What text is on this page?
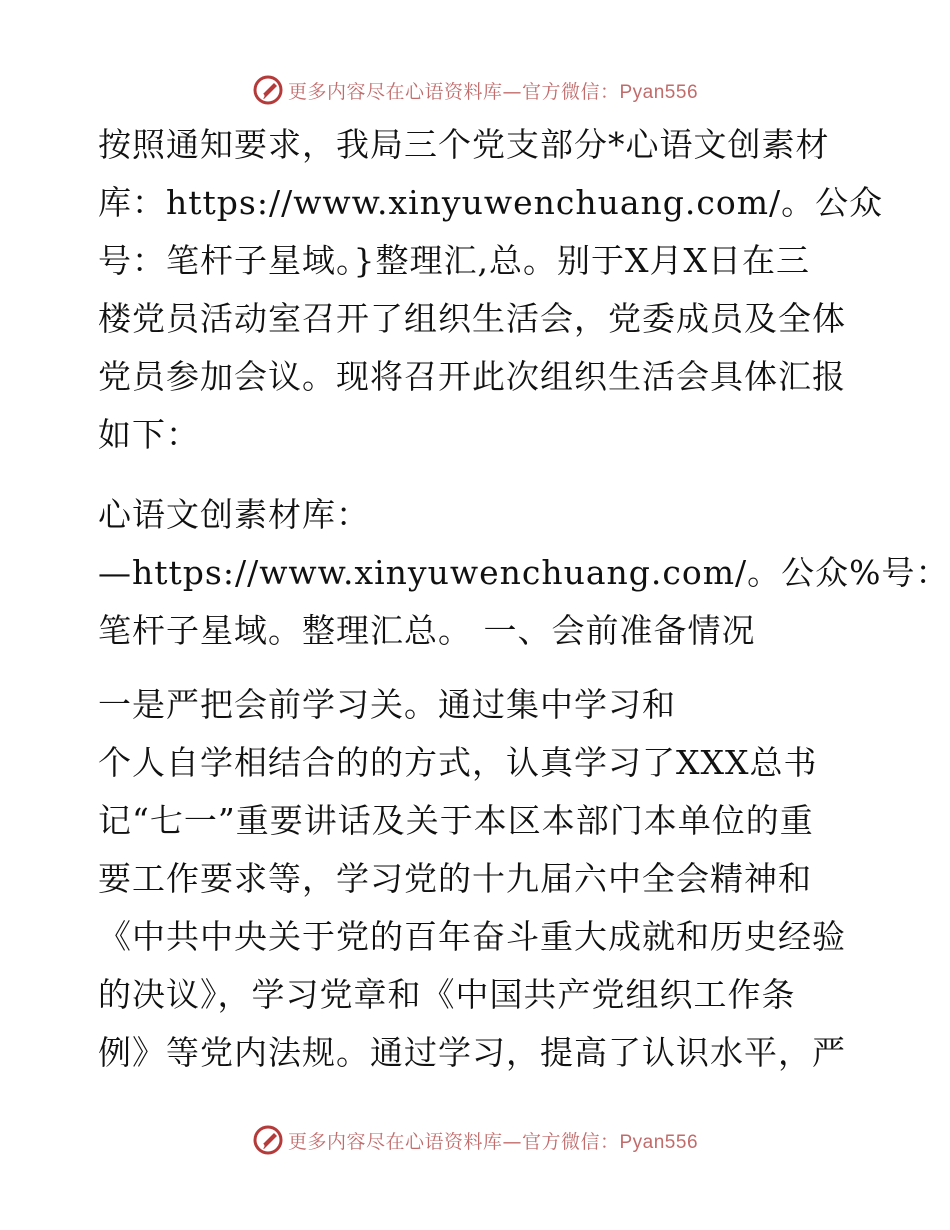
更多内容尽在心语资料库—官方微信：Pyan556
按照通知要求，我局三个党支部分*心语文创素材
库：https://www.xinyuwenchuang.com/。公众
号：笔杆子星域。}整理汇,总。别于X月X日在三
楼党员活动室召开了组织生活会，党委成员及全体
党员参加会议。现将召开此次组织生活会具体汇报
如下：
心语文创素材库：
—https://www.xinyuwenchuang.com/。公众%号：
笔杆子星域。整理汇总。 一、会前准备情况
一是严把会前学习关。通过集中学习和
个人自学相结合的的方式，认真学习了XXX总书
记“七一”重要讲话及关于本区本部门本单位的重
要工作要求等，学习党的十九届六中全会精神和
《中共中央关于党的百年奋斗重大成就和历史经验
的决议》，学习党章和《中国共产党组织工作条
例》等党内法规。通过学习，提高了认识水平，严
更多内容尽在心语资料库—官方微信：Pyan556
